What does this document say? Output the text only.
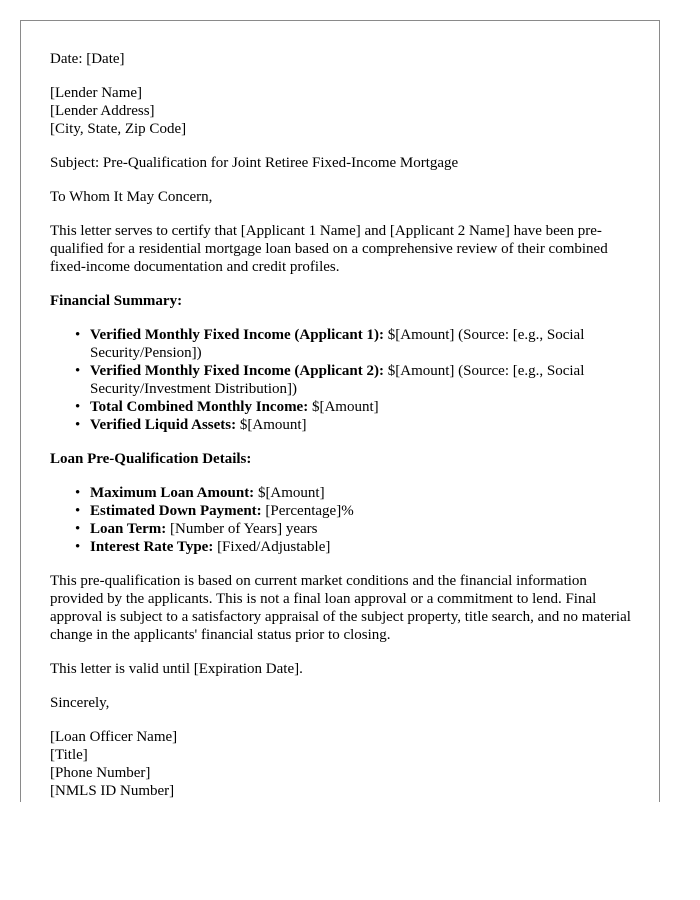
Date: [Date]

[Lender Name]
[Lender Address]
[City, State, Zip Code]

Subject: Pre-Qualification for Joint Retiree Fixed-Income Mortgage

To Whom It May Concern,

This letter serves to certify that [Applicant 1 Name] and [Applicant 2 Name] have been pre-qualified for a residential mortgage loan based on a comprehensive review of their combined fixed-income documentation and credit profiles.

Financial Summary:
• Verified Monthly Fixed Income (Applicant 1): $[Amount] (Source: [e.g., Social Security/Pension])
• Verified Monthly Fixed Income (Applicant 2): $[Amount] (Source: [e.g., Social Security/Investment Distribution])
• Total Combined Monthly Income: $[Amount]
• Verified Liquid Assets: $[Amount]
Loan Pre-Qualification Details:
• Maximum Loan Amount: $[Amount]
• Estimated Down Payment: [Percentage]%
• Loan Term: [Number of Years] years
• Interest Rate Type: [Fixed/Adjustable]

This pre-qualification is based on current market conditions and the financial information provided by the applicants. This is not a final loan approval or a commitment to lend. Final approval is subject to a satisfactory appraisal of the subject property, title search, and no material change in the applicants' financial status prior to closing.

This letter is valid until [Expiration Date].

Sincerely,

[Loan Officer Name]
[Title]
[Phone Number]
[NMLS ID Number]
